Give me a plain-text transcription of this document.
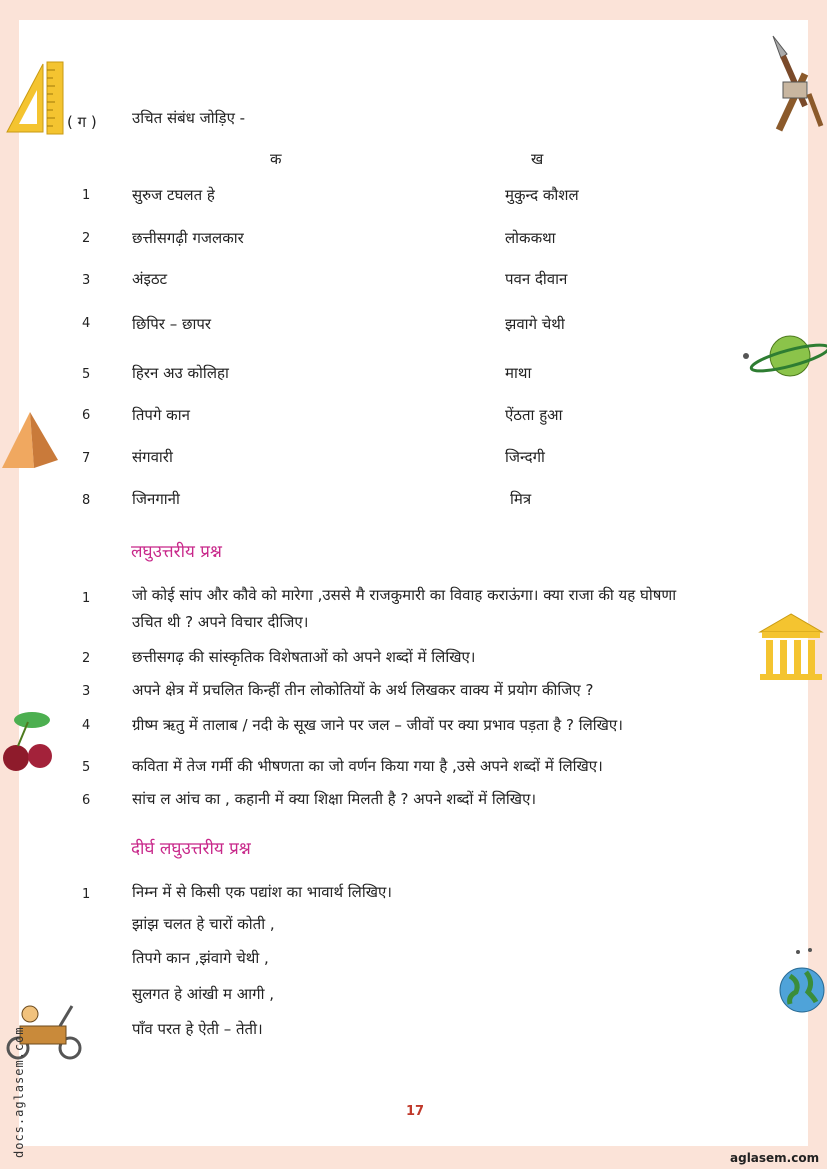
( ग ) उचित संबंध जोड़िए -
क	ख
1	सुरुज टघलत हे	मुकुन्द कौशल
2	छत्तीसगढ़ी गजलकार	लोककथा
3	अंइठट	पवन दीवान
4	छिपिर – छापर	झवागे चेथी
5	हिरन अउ कोलिहा	माथा
6	तिपगे कान	ऐंठता हुआ
7	संगवारी	जिन्दगी
8	जिनगानी	मित्र
लघुउत्तरीय प्रश्न
1	जो कोई सांप और कौवे को मारेगा ,उससे मै राजकुमारी का विवाह कराऊंगा। क्या राजा की यह घोषणा
उचित थी ? अपने विचार दीजिए।
2	छत्तीसगढ़ की सांस्कृतिक विशेषताओं को अपने शब्दों में लिखिए।
3	अपने क्षेत्र में प्रचलित किन्हीं तीन लोकोतियों के अर्थ लिखकर वाक्य में प्रयोग कीजिए ?
4	ग्रीष्म ऋतु में तालाब / नदी के सूख जाने पर जल – जीवों पर क्या प्रभाव पड़ता है ? लिखिए।
5	कविता में तेज गर्मी की भीषणता का जो वर्णन किया गया है ,उसे अपने शब्दों में लिखिए।
6	सांच ल आंच का , कहानी में क्या शिक्षा मिलती है ? अपने शब्दों में लिखिए।
दीर्घ लघुउत्तरीय प्रश्न
1	निम्न में से किसी एक पद्यांश का भावार्थ लिखिए।
झांझ चलत हे चारों कोती ,
तिपगे कान ,झंवागे चेथी ,
सुलगत हे आंखी म आगी ,
पाँव परत हे ऐती – तेती।
17
aglasem.com
docs.aglasem.com
